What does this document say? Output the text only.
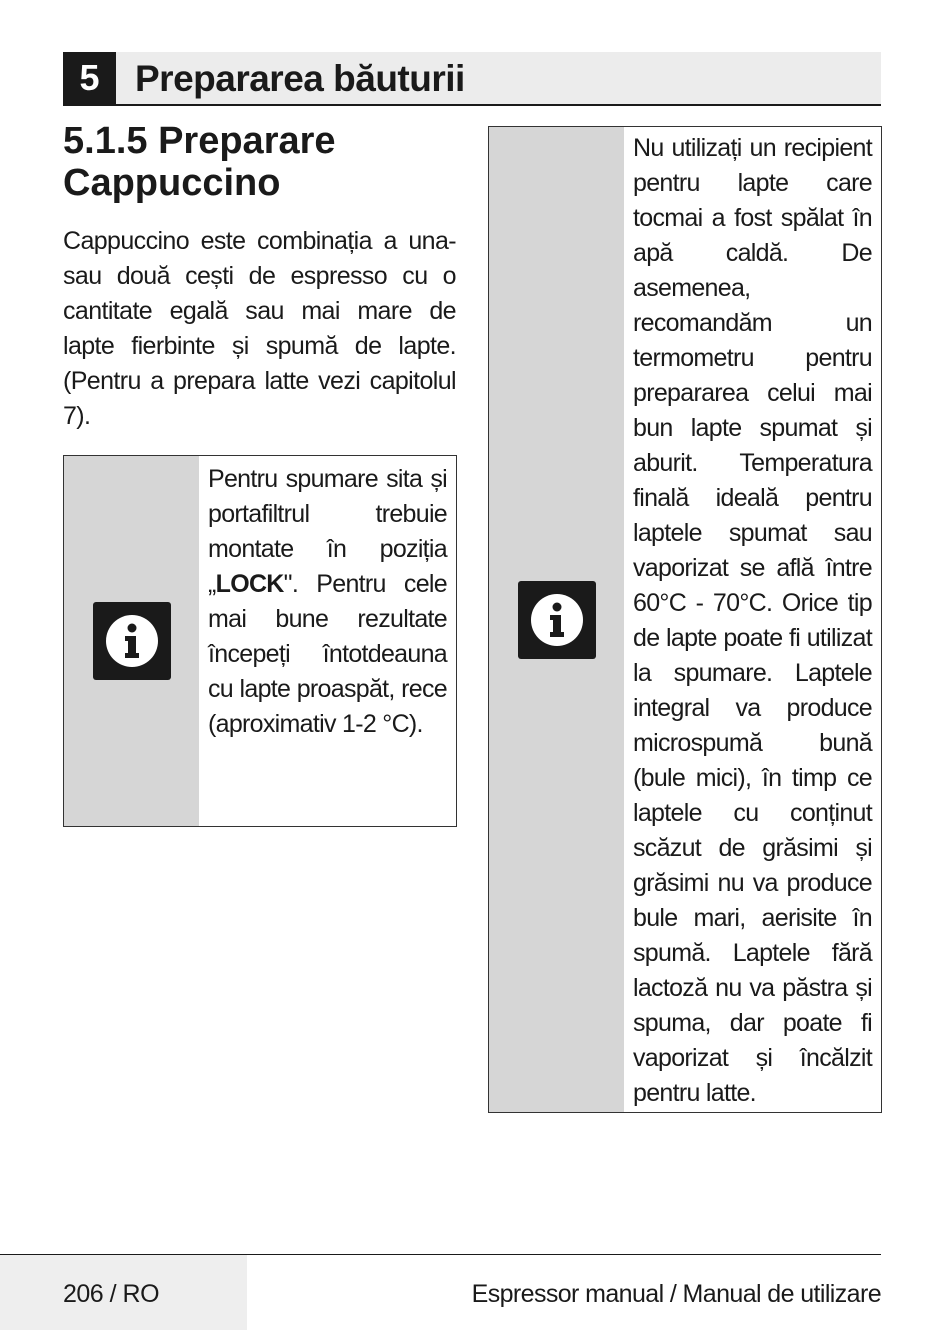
5 Prepararea băuturii
5.1.5 Preparare Cappuccino
Cappuccino este combinația a una-sau două cești de espresso cu o cantitate egală sau mai mare de lapte fierbinte și spumă de lapte. (Pentru a prepara latte vezi capitolul 7).
Pentru spumare sita și portafiltrul trebuie montate în poziția „LOCK". Pentru cele mai bune rezultate începeți întotdeauna cu lapte proaspăt, rece (aproximativ 1-2 °C).
Nu utilizați un recipient pentru lapte care tocmai a fost spălat în apă caldă. De asemenea, recomandăm un termometru pentru prepararea celui mai bun lapte spumat și aburit. Temperatura finală ideală pentru laptele spumat sau vaporizat se află între 60°C - 70°C. Orice tip de lapte poate fi utilizat la spumare. Laptele integral va produce microspumă bună (bule mici), în timp ce laptele cu conținut scăzut de grăsimi și grăsimi nu va produce bule mari, aerisite în spumă. Laptele fără lactoză nu va păstra și spuma, dar poate fi vaporizat și încălzit pentru latte.
206 / RO	Espressor manual / Manual de utilizare
